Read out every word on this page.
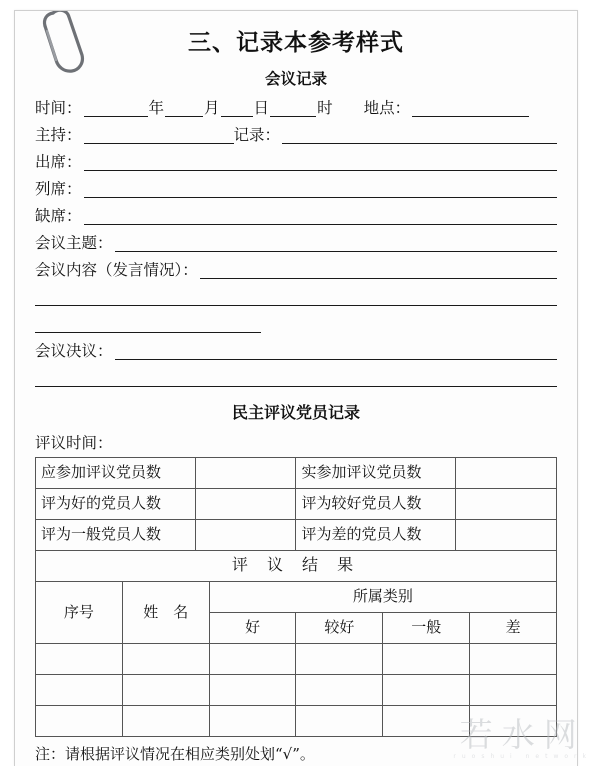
三、记录本参考样式
会议记录
时间：	年	月 日	时 地点：
主持：	记录：
出席：
列席：
缺席：
会议主题：
会议内容（发言情况）：
会议决议：
民主评议党员记录
评议时间：
应参加评议党员数		实参加评议党员数	
评为好的党员人数		评为较好党员人数	
评为一般党员人数		评为差的党员人数	
评 议 结 果					
序号	姓　名	所属类别			
		好	较好	一般	差

注：请根据评议情况在相应类别处划“√”。	若水网
ruoshui network
